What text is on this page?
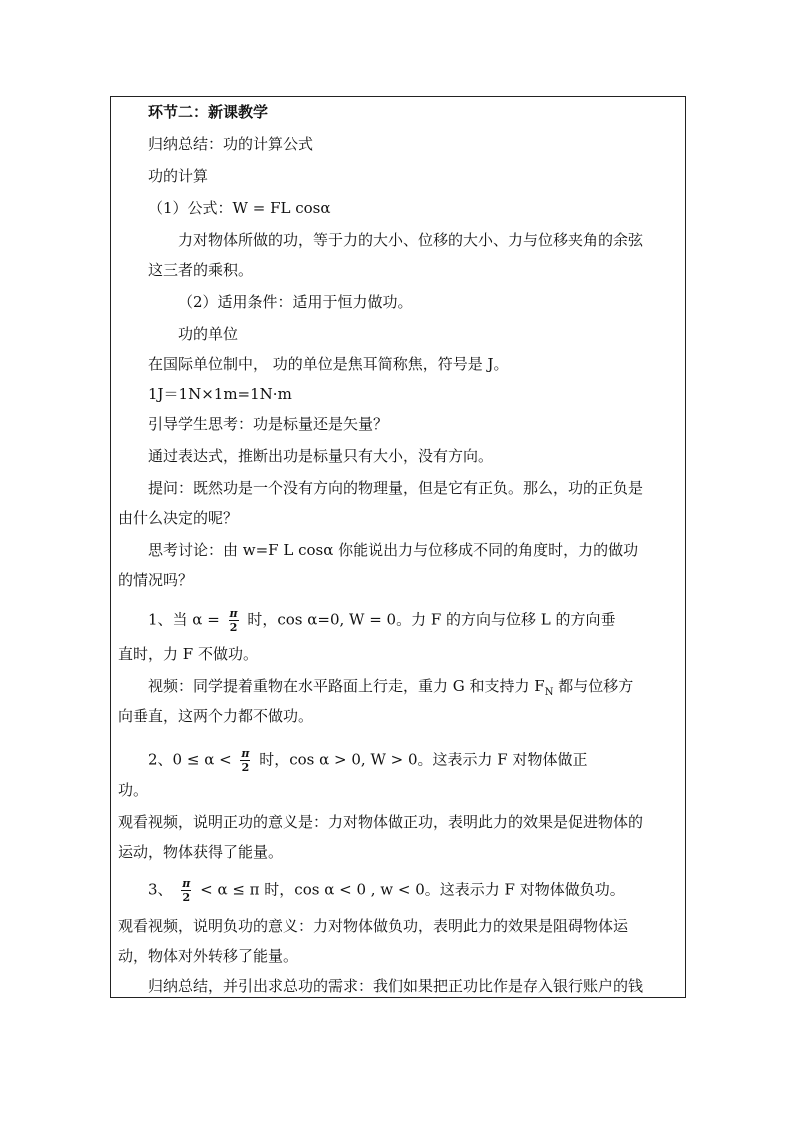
环节二：新课教学
归纳总结：功的计算公式
功的计算
（1）公式：W = FL cosα
力对物体所做的功，等于力的大小、位移的大小、力与位移夹角的余弦
这三者的乘积。
（2）适用条件：适用于恒力做功。
功的单位
在国际单位制中， 功的单位是焦耳简称焦，符号是 J。
1J＝1N×1m=1N·m
引导学生思考：功是标量还是矢量？
通过表达式，推断出功是标量只有大小，没有方向。
提问：既然功是一个没有方向的物理量，但是它有正负。那么，功的正负是
由什么决定的呢？
思考讨论：由 w=F L cosα 你能说出力与位移成不同的角度时，力的做功
的情况吗？
1、当 $\alpha = \frac{\pi}{2}$ 时，cos α=0, W = 0。力 F 的方向与位移 L 的方向垂
直时，力 F 不做功。
视频：同学提着重物在水平路面上行走，重力 G 和支持力 $F_N$ 都与位移方
向垂直，这两个力都不做功。
2、$0 \le \alpha < \frac{\pi}{2}$ 时，cos α > 0, W > 0。这表示力 F 对物体做正
功。
观看视频，说明正功的意义是：力对物体做正功，表明此力的效果是促进物体的
运动，物体获得了能量。
3、 $\frac{\pi}{2} < \alpha \le \pi$ 时，cos α < 0 , w < 0。这表示力 F 对物体做负功。
观看视频，说明负功的意义：力对物体做负功，表明此力的效果是阻碍物体运
动，物体对外转移了能量。
归纳总结，并引出求总功的需求：我们如果把正功比作是存入银行账户的钱
